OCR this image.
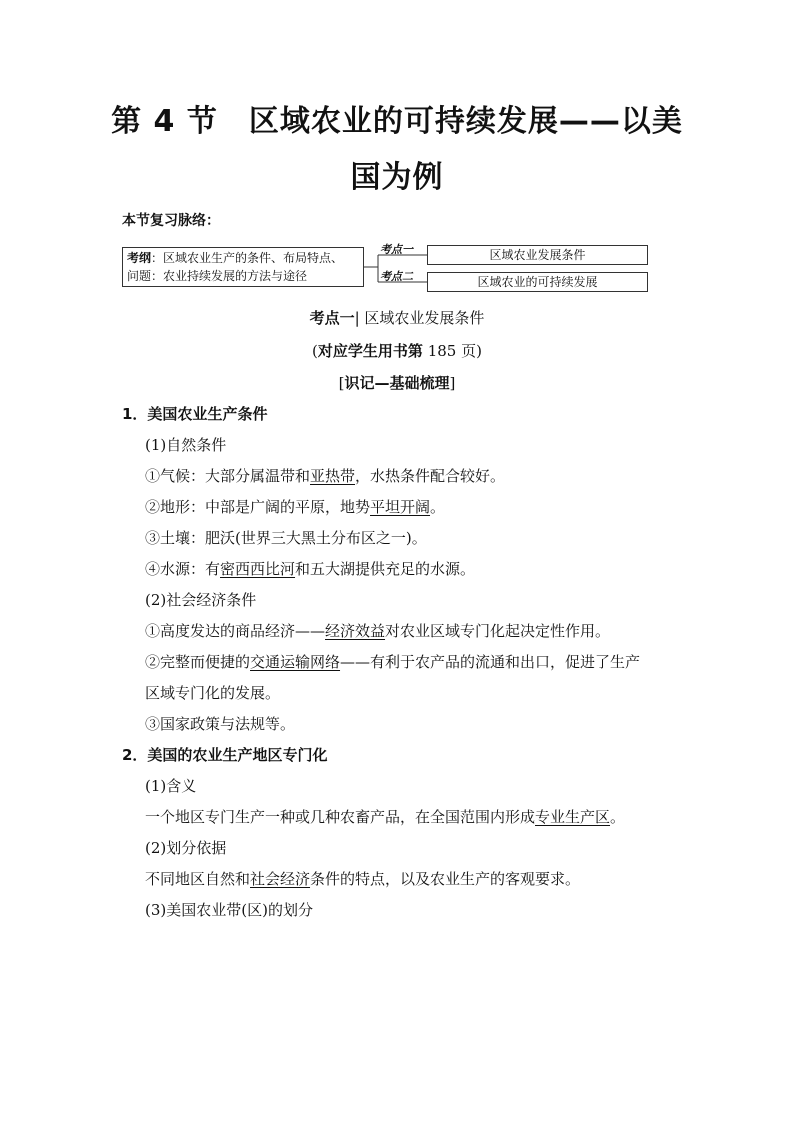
第 4 节　区域农业的可持续发展——以美
国为例
本节复习脉络：
考纲：区域农业生产的条件、布局特点、
问题：农业持续发展的方法与途径
考点一
考点二
区域农业发展条件
区域农业的可持续发展
考点一| 区域农业发展条件
(对应学生用书第 185 页)
[识记—基础梳理]
1．美国农业生产条件
(1)自然条件
①气候：大部分属温带和亚热带，水热条件配合较好。
②地形：中部是广阔的平原，地势平坦开阔。
③土壤：肥沃(世界三大黑土分布区之一)。
④水源：有密西西比河和五大湖提供充足的水源。
(2)社会经济条件
①高度发达的商品经济——经济效益对农业区域专门化起决定性作用。
②完整而便捷的交通运输网络——有利于农产品的流通和出口，促进了生产
区域专门化的发展。
③国家政策与法规等。
2．美国的农业生产地区专门化
(1)含义
一个地区专门生产一种或几种农畜产品，在全国范围内形成专业生产区。
(2)划分依据
不同地区自然和社会经济条件的特点，以及农业生产的客观要求。
(3)美国农业带(区)的划分
